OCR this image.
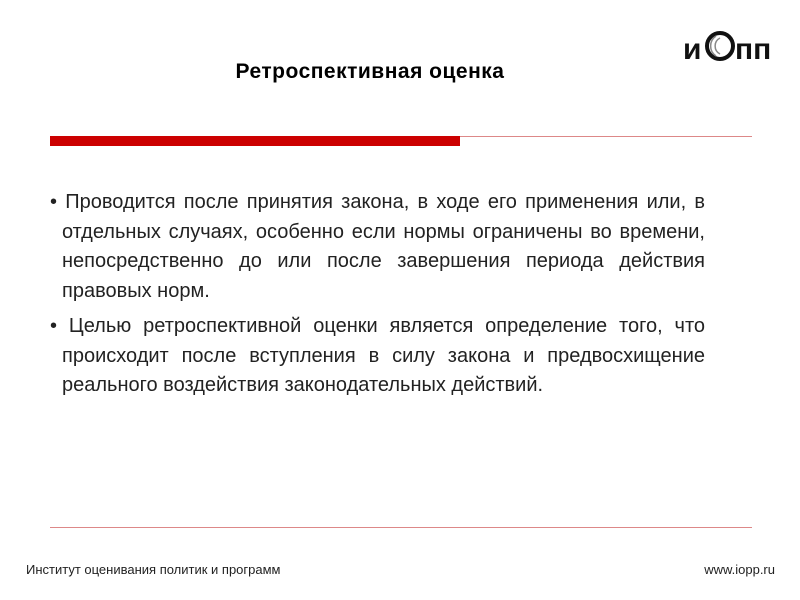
и пп
Ретроспективная оценка
• Проводится после принятия закона, в ходе его применения или, в отдельных случаях, особенно если нормы ограничены во времени, непосредственно до или после завершения периода действия правовых норм.
• Целью ретроспективной оценки является определение того, что происходит после вступления в силу закона и предвосхищение реального воздействия законодательных действий.
Институт оценивания политик и программ	www.iopp.ru
